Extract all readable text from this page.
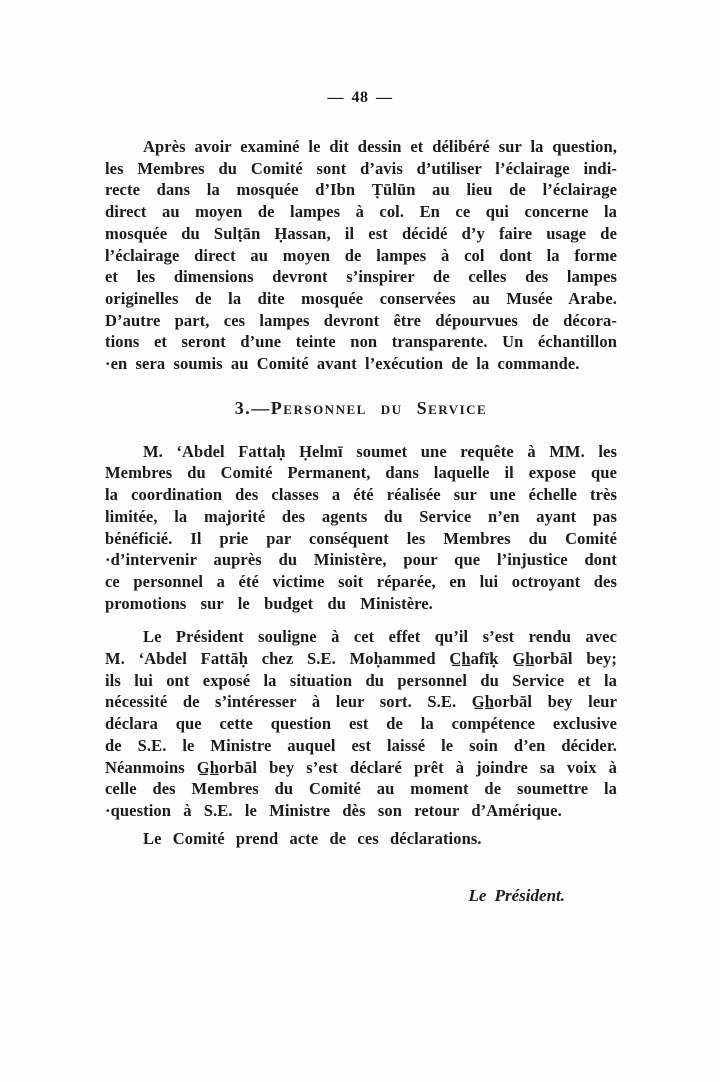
— 48 —
Après avoir examiné le dit dessin et délibéré sur la question,
les Membres du Comité sont d’avis d’utiliser l’éclairage indi-
recte dans la mosquée d’Ibn Ṭūlūn au lieu de l’éclairage
direct au moyen de lampes à col. En ce qui concerne la
mosquée du Sulṭān Ḥassan, il est décidé d’y faire usage de
l’éclairage direct au moyen de lampes à col dont la forme
et les dimensions devront s’inspirer de celles des lampes
originelles de la dite mosquée conservées au Musée Arabe.
D’autre part, ces lampes devront être dépourvues de décora-
tions et seront d’une teinte non transparente. Un échantillon
·en sera soumis au Comité avant l’exécution de la commande.
3.—Personnel du Service
M. ‘Abdel Fattaḥ Ḥelmī soumet une requête à MM. les
Membres du Comité Permanent, dans laquelle il expose que
la coordination des classes a été réalisée sur une échelle très
limitée, la majorité des agents du Service n’en ayant pas
bénéficié. Il prie par conséquent les Membres du Comité
·d’intervenir auprès du Ministère, pour que l’injustice dont
ce personnel a été victime soit réparée, en lui octroyant des
promotions sur le budget du Ministère.
Le Président souligne à cet effet qu’il s’est rendu avec
M. ‘Abdel Fattāḥ chez S.E. Moḥammed C̲h̲afīḳ G̲h̲orbāl bey;
ils lui ont exposé la situation du personnel du Service et la
nécessité de s’intéresser à leur sort. S.E. G̲h̲orbāl bey leur
déclara que cette question est de la compétence exclusive
de S.E. le Ministre auquel est laissé le soin d’en décider.
Néanmoins G̲h̲orbāl bey s’est déclaré prêt à joindre sa voix à
celle des Membres du Comité au moment de soumettre la
·question à S.E. le Ministre dès son retour d’Amérique.
Le Comité prend acte de ces déclarations.
Le Président.
